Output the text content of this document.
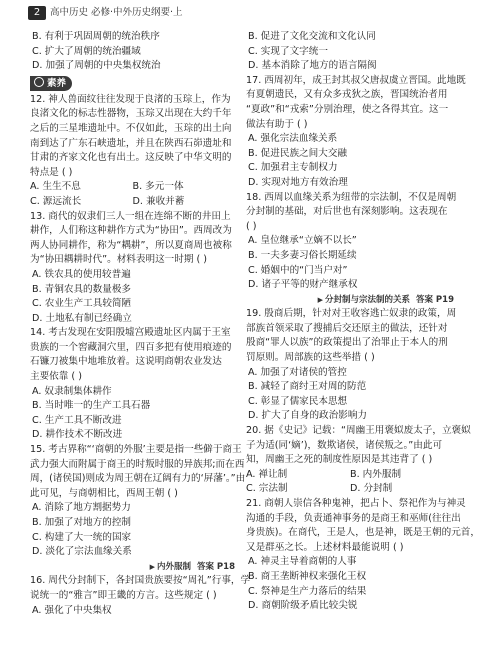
2	高中历史 必修·中外历史纲要·上
B. 有利于巩固周朝的统治秩序
C. 扩大了周朝的统治疆域
D. 加强了周朝的中央集权统治
素养
12. 神人兽面纹往往发现于良渚的玉琮上，作为
良渚文化的标志性器物，玉琮又出现在大约千年
之后的三星堆遗址中。不仅如此，玉琮的出土向
南到达了广东石峡遗址，并且在陕西石峁遗址和
甘肃的齐家文化也有出土。这反映了中华文明的
特点是 ( )
A. 生生不息	B. 多元一体
C. 源远流长	D. 兼收并蓄
13. 商代的奴隶们三人一组在连绵不断的井田上
耕作，人们称这种耕作方式为“协田”。西周改为
两人协同耕作，称为“耦耕”，所以夏商周也被称
为“协田耦耕时代”。材料表明这一时期 ( )
A. 铁农具的使用较普遍
B. 青铜农具的数量极多
C. 农业生产工具较简陋
D. 土地私有制已经确立
14. 考古发现在安阳殷墟宫殿遗址区内属于王室
贵族的一个窖藏洞穴里，四百多把有使用痕迹的
石镰刀被集中地堆放着。这说明商朝农业发达
主要依靠 ( )
A. 奴隶制集体耕作
B. 当时唯一的生产工具石器
C. 生产工具不断改进
D. 耕作技术不断改进
15. 考古界称“‘商朝的外服’主要是指一些僻于商王
武力强大而附属于商王的时叛时服的异族邦;而在西
周，(诸侯国)则成为周王朝在辽阔有力的‘屏藩’。”由
此可见，与商朝相比，西周王朝 ( )
A. 消除了地方割据势力
B. 加强了对地方的控制
C. 构建了大一统的国家
D. 淡化了宗法血缘关系
▶ 内外服制 答案 P18
16. 周代分封制下，各封国贵族要按“周礼”行事，学
说统一的“雅言”即王畿的方言。这些规定 ( )
A. 强化了中央集权
B. 促进了文化交流和文化认同
C. 实现了文字统一
D. 基本消除了地方的语言隔阂
17. 西周初年，成王封其叔父唐叔虞立晋国。此地既
有夏朝遗民，又有众多戎狄之族，晋国统治者用
“夏政”和“戎索”分别治理，使之各得其宜。这一
做法有助于 ( )
A. 强化宗法血缘关系
B. 促进民族之间大交融
C. 加强君主专制权力
D. 实现对地方有效治理
18. 西周以血缘关系为纽带的宗法制，不仅是周朝
分封制的基础，对后世也有深刻影响。这表现在
( )
A. 皇位继承“立嫡不以长”
B. 一夫多妻习俗长期延续
C. 婚姻中的“门当户对”
D. 诸子平等的财产继承权
▶ 分封制与宗法制的关系 答案 P19
19. 殷商后期，针对对王收容逃亡奴隶的政策，周
部族首领采取了搜捕后交还原主的做法，还针对
殷商“罪人以族”的政策提出了治罪止于本人的刑
罚原则。周部族的这些举措 ( )
A. 加强了对诸侯的管控
B. 减轻了商纣王对周的防范
C. 彰显了儒家民本思想
D. 扩大了自身的政治影响力
20. 据《史记》记载：“周幽王用褒姒废太子，立褒姒
子为适(同‘嫡’)，数欺诸侯，诸侯叛之。”由此可
知，周幽王之死的制度性原因是其违背了 ( )
A. 禅让制	B. 内外服制
C. 宗法制	D. 分封制
21. 商朝人崇信各种鬼神，把占卜、祭祀作为与神灵
沟通的手段，负责通神事务的是商王和巫师(往往出
身贵族)。在商代，王是人，也是神，既是王朝的元首，
又是群巫之长。上述材料最能说明 ( )
A. 神灵主导着商朝的人事
B. 商王垄断神权来强化王权
C. 祭神是生产力落后的结果
D. 商朝阶级矛盾比较尖锐
